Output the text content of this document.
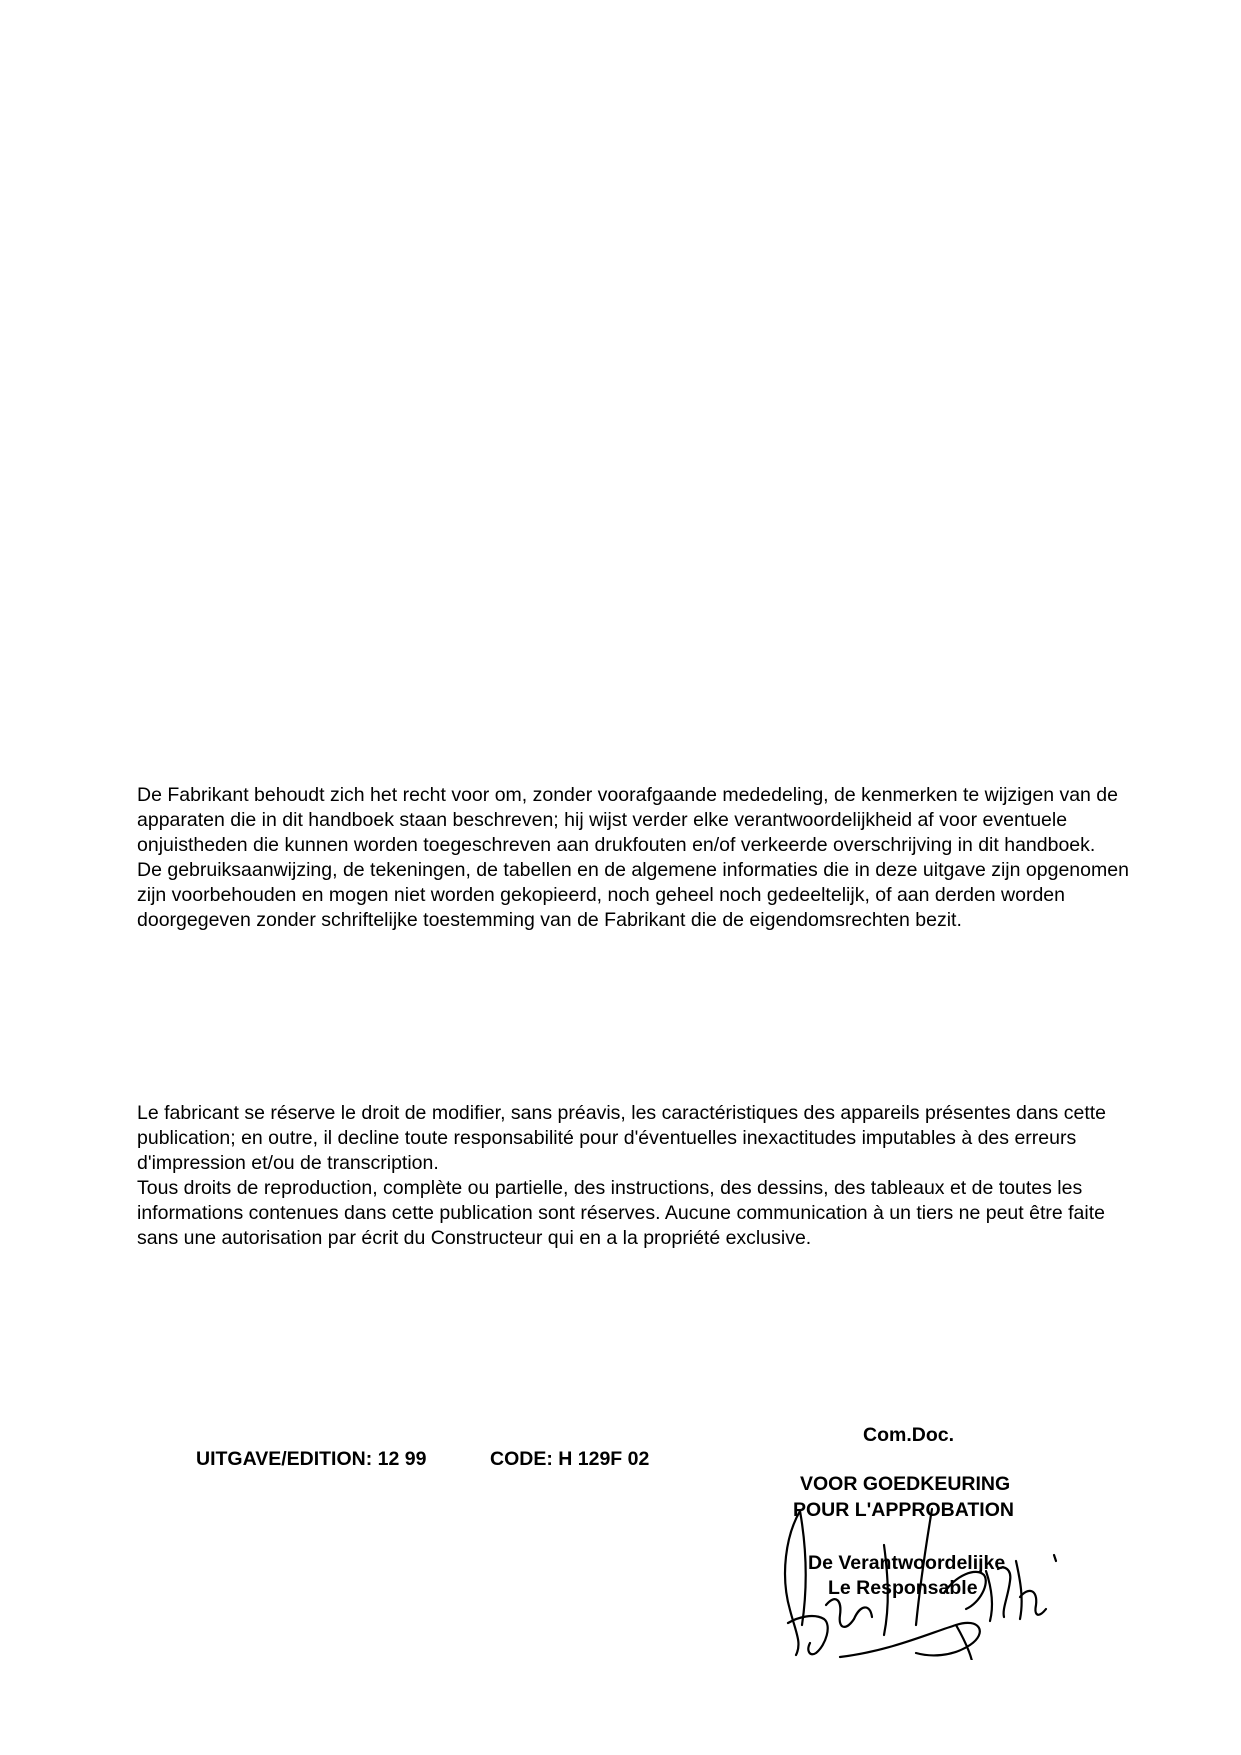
De Fabrikant behoudt zich het recht voor om, zonder voorafgaande mededeling, de kenmerken te wijzigen van de apparaten die in dit handboek staan beschreven; hij wijst verder elke verantwoordelijkheid af voor eventuele onjuistheden die kunnen worden toegeschreven aan drukfouten en/of verkeerde overschrijving in dit handboek.

De gebruiksaanwijzing, de tekeningen, de tabellen en de algemene informaties die in deze uitgave zijn opgenomen zijn voorbehouden en mogen niet worden gekopieerd, noch geheel noch gedeeltelijk, of aan derden worden doorgegeven zonder schriftelijke toestemming van de Fabrikant die de eigendomsrechten bezit.

Le fabricant se réserve le droit de modifier, sans préavis, les caractéristiques des appareils présentes dans cette publication; en outre, il decline toute responsabilité pour d'éventuelles inexactitudes imputables à des erreurs d'impression et/ou de transcription.

Tous droits de reproduction, complète ou partielle, des instructions, des dessins, des tableaux et de toutes les informations contenues dans cette publication sont réserves. Aucune communication à un tiers ne peut être faite sans une autorisation par écrit du Constructeur qui en a la propriété exclusive.

UITGAVE/EDITION: 12 99	CODE: H 129F 02
Com.Doc.
VOOR GOEDKEURING
POUR L'APPROBATION
De Verantwoordelijke
Le Responsable
